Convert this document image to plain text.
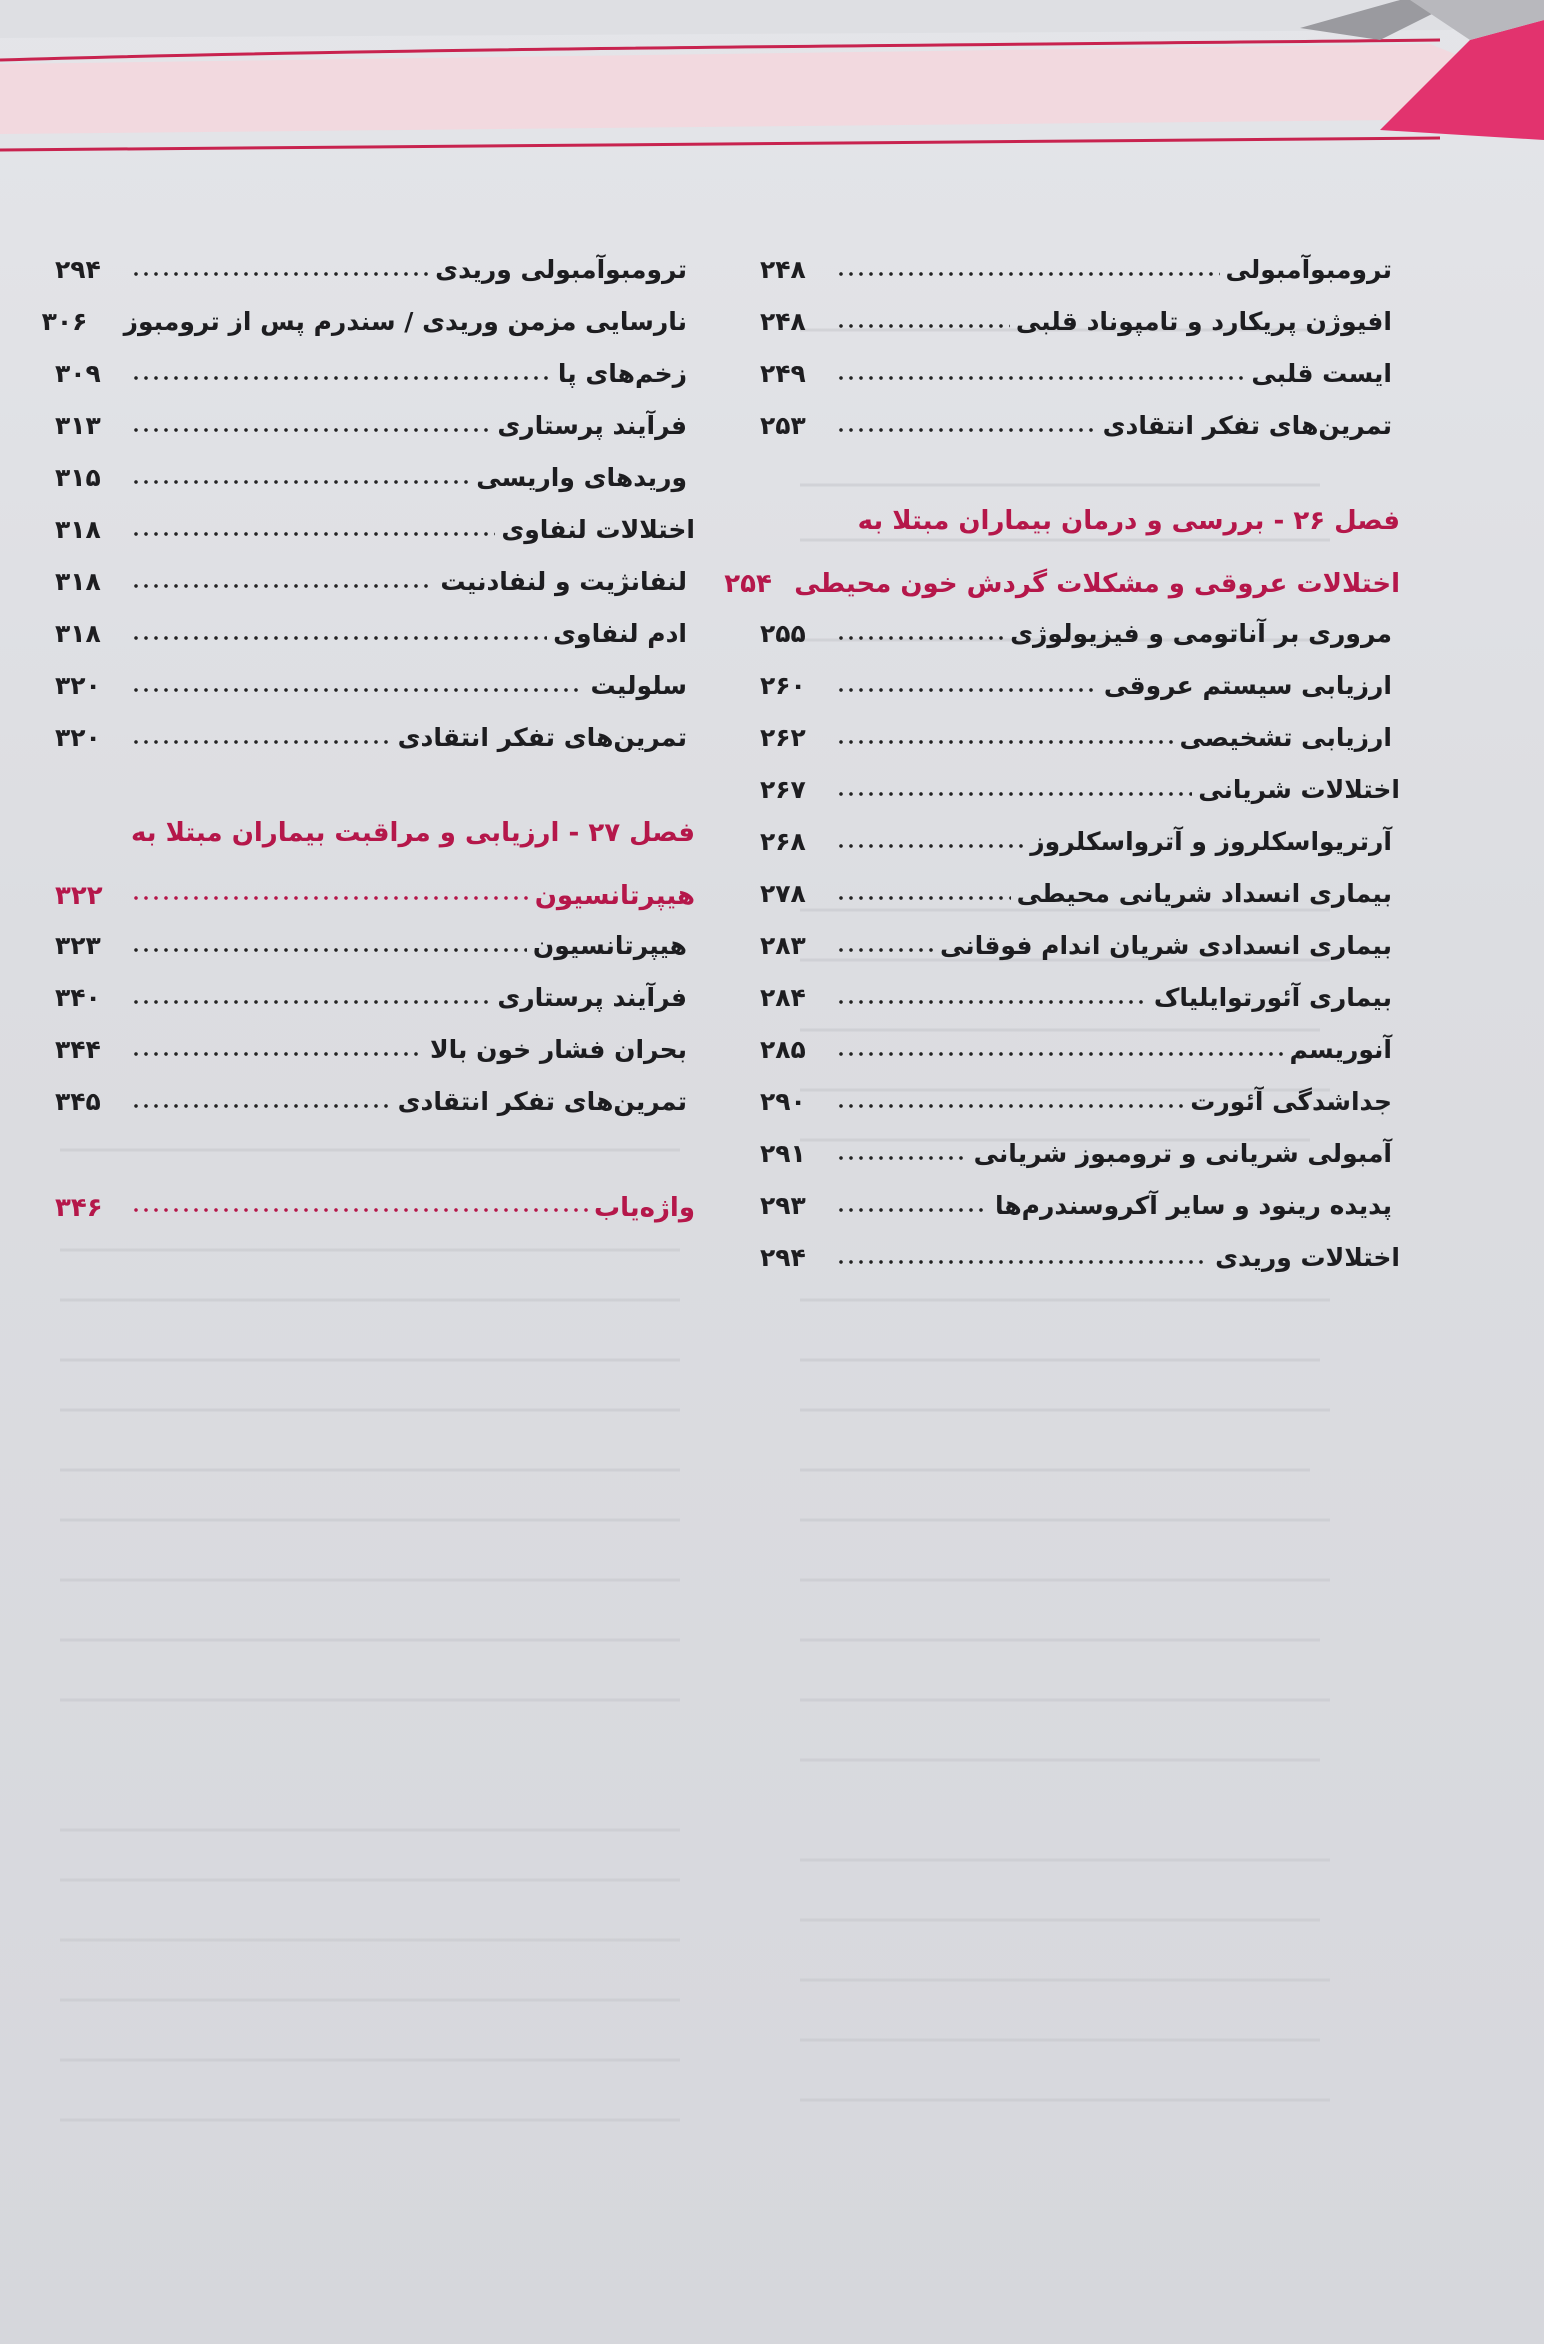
ترومبوآمبولی
۲۴۸
افیوژن پریکارد و تامپوناد قلبی
۲۴۸
ایست قلبی
۲۴۹
تمرین‌های تفکر انتقادی
۲۵۳
فصل ۲۶ - بررسی و درمان بیماران مبتلا به
اختلالات عروقی و مشکلات گردش خون محیطی
۲۵۴
مروری بر آناتومی و فیزیولوژی
۲۵۵
ارزیابی سیستم عروقی
۲۶۰
ارزیابی تشخیصی
۲۶۲
اختلالات شریانی
۲۶۷
آرتریواسکلروز و آترواسکلروز
۲۶۸
بیماری انسداد شریانی محیطی
۲۷۸
بیماری انسدادی شریان اندام فوقانی
۲۸۳
بیماری آئورتوایلیاک
۲۸۴
آنوریسم
۲۸۵
جداشدگی آئورت
۲۹۰
آمبولی شریانی و ترومبوز شریانی
۲۹۱
پدیده رینود و سایر آکروسندرم‌ها
۲۹۳
اختلالات وریدی
۲۹۴
ترومبوآمبولی وریدی
۲۹۴
نارسایی مزمن وریدی / سندرم پس از ترومبوز
۳۰۶
زخم‌های پا
۳۰۹
فرآیند پرستاری
۳۱۳
وریدهای واریسی
۳۱۵
اختلالات لنفاوی
۳۱۸
لنفانژیت و لنفادنیت
۳۱۸
ادم لنفاوی
۳۱۸
سلولیت
۳۲۰
تمرین‌های تفکر انتقادی
۳۲۰
فصل ۲۷ - ارزیابی و مراقبت بیماران مبتلا به
هیپرتانسیون
۳۲۲
هیپرتانسیون
۳۲۳
فرآیند پرستاری
۳۴۰
بحران فشار خون بالا
۳۴۴
تمرین‌های تفکر انتقادی
۳۴۵
واژه‌یاب
۳۴۶
